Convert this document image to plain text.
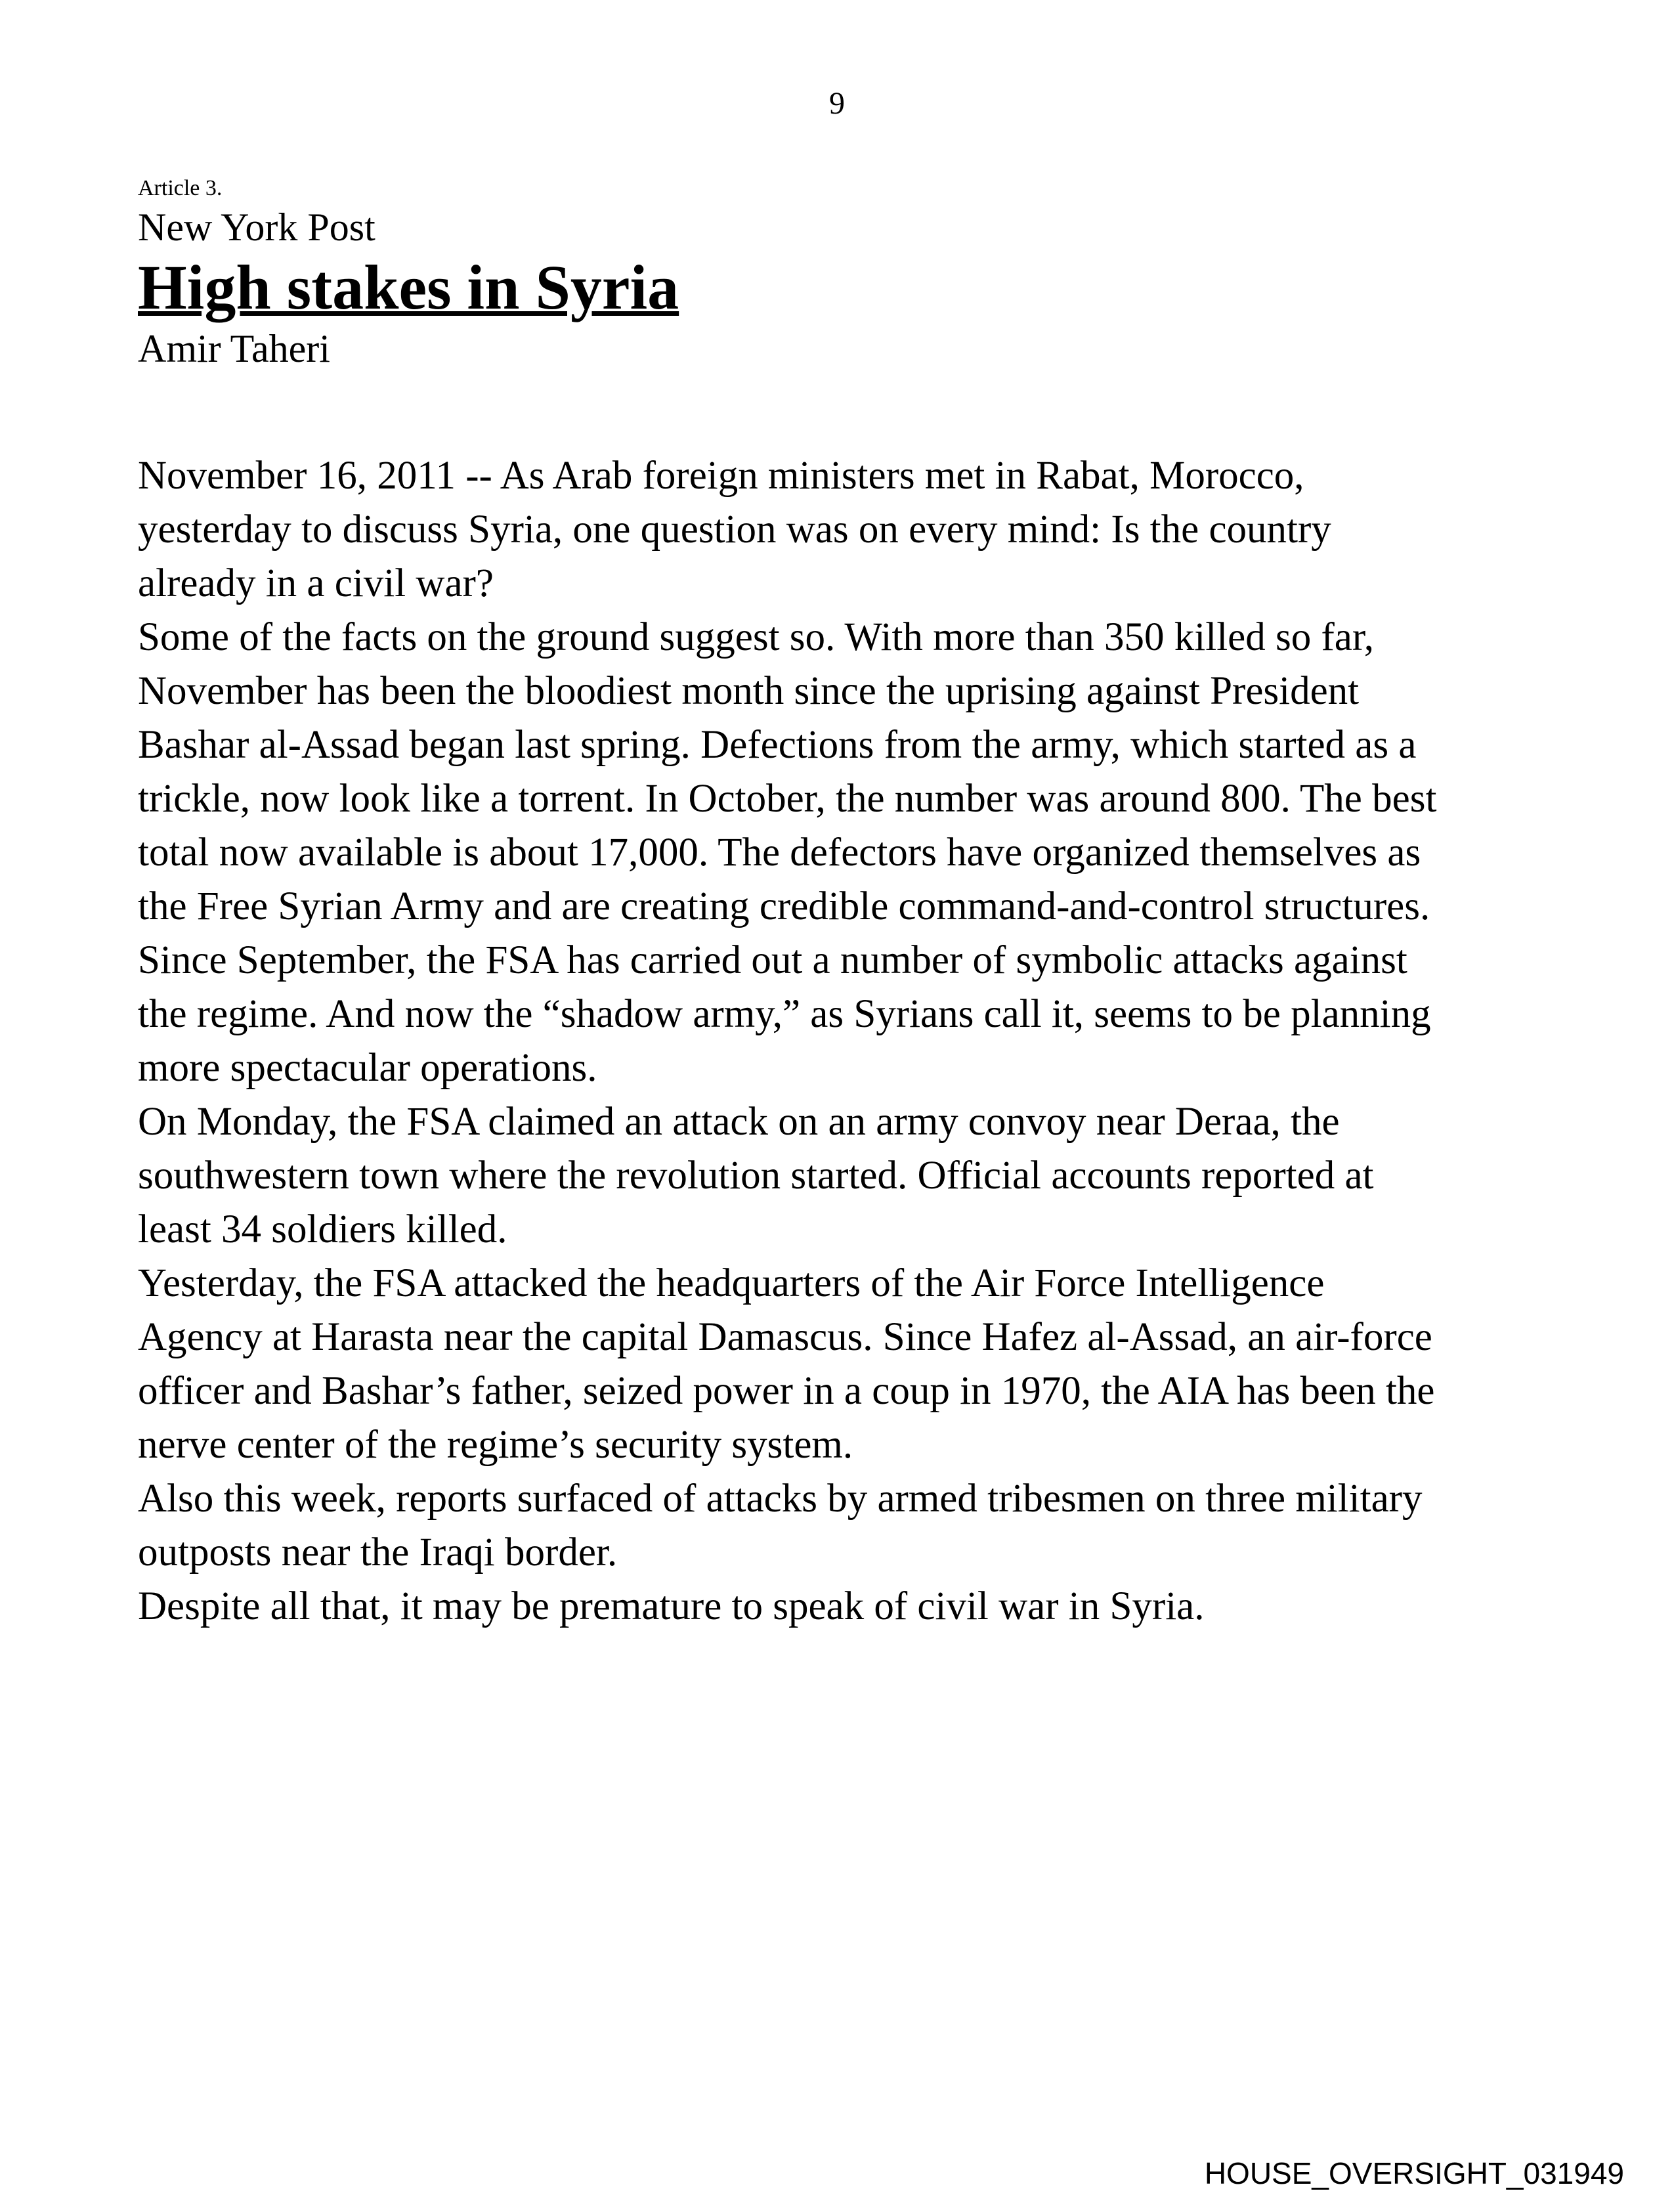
9
Article 3.
New York Post
High stakes in Syria
Amir Taheri

November 16, 2011 -- As Arab foreign ministers met in Rabat, Morocco, yesterday to discuss Syria, one question was on every mind: Is the country already in a civil war?

Some of the facts on the ground suggest so. With more than 350 killed so far, November has been the bloodiest month since the uprising against President Bashar al-Assad began last spring. Defections from the army, which started as a trickle, now look like a torrent. In October, the number was around 800. The best total now available is about 17,000. The defectors have organized themselves as the Free Syrian Army and are creating credible command-and-control structures.

Since September, the FSA has carried out a number of symbolic attacks against the regime. And now the “shadow army,” as Syrians call it, seems to be planning more spectacular operations.

On Monday, the FSA claimed an attack on an army convoy near Deraa, the southwestern town where the revolution started. Official accounts reported at least 34 soldiers killed.

Yesterday, the FSA attacked the headquarters of the Air Force Intelligence Agency at Harasta near the capital Damascus. Since Hafez al-Assad, an air-force officer and Bashar’s father, seized power in a coup in 1970, the AIA has been the nerve center of the regime’s security system.

Also this week, reports surfaced of attacks by armed tribesmen on three military outposts near the Iraqi border.

Despite all that, it may be premature to speak of civil war in Syria.

HOUSE_OVERSIGHT_031949
